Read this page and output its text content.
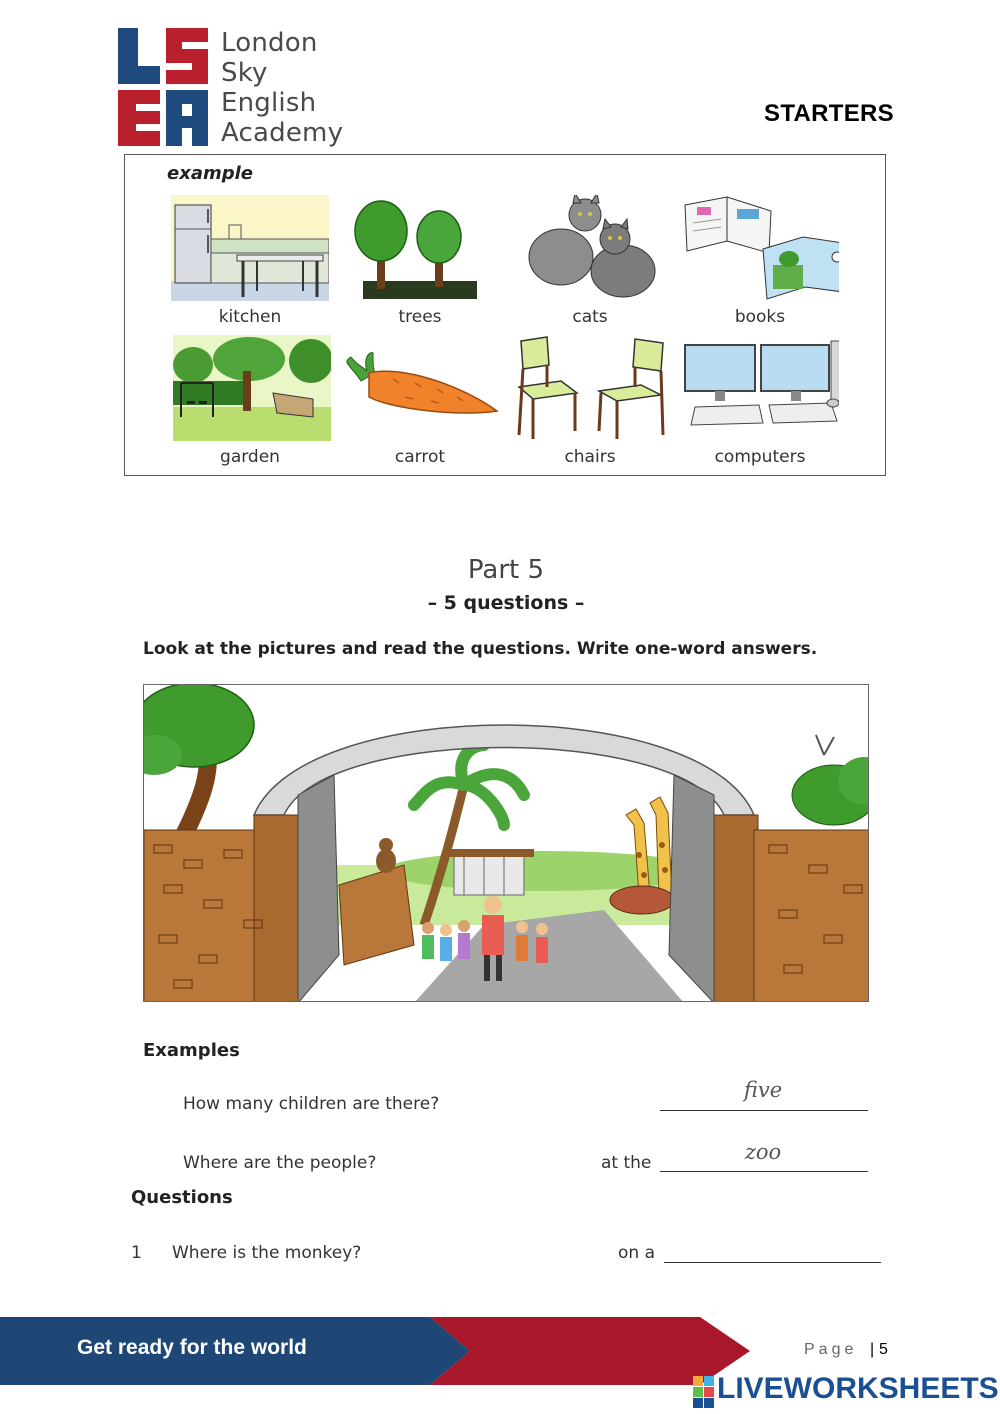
London
Sky
English
Academy
STARTERS
example
kitchen	trees	cats	books
garden	carrot	chairs	computers
Part 5
– 5 questions –
Look at the pictures and read the questions. Write one-word answers.
Examples
How many children are there?
five
Where are the people?	at the	zoo
Questions
1 Where is the monkey?	on a
Get ready for the world	Page | 5
LIVEWORKSHEETS
